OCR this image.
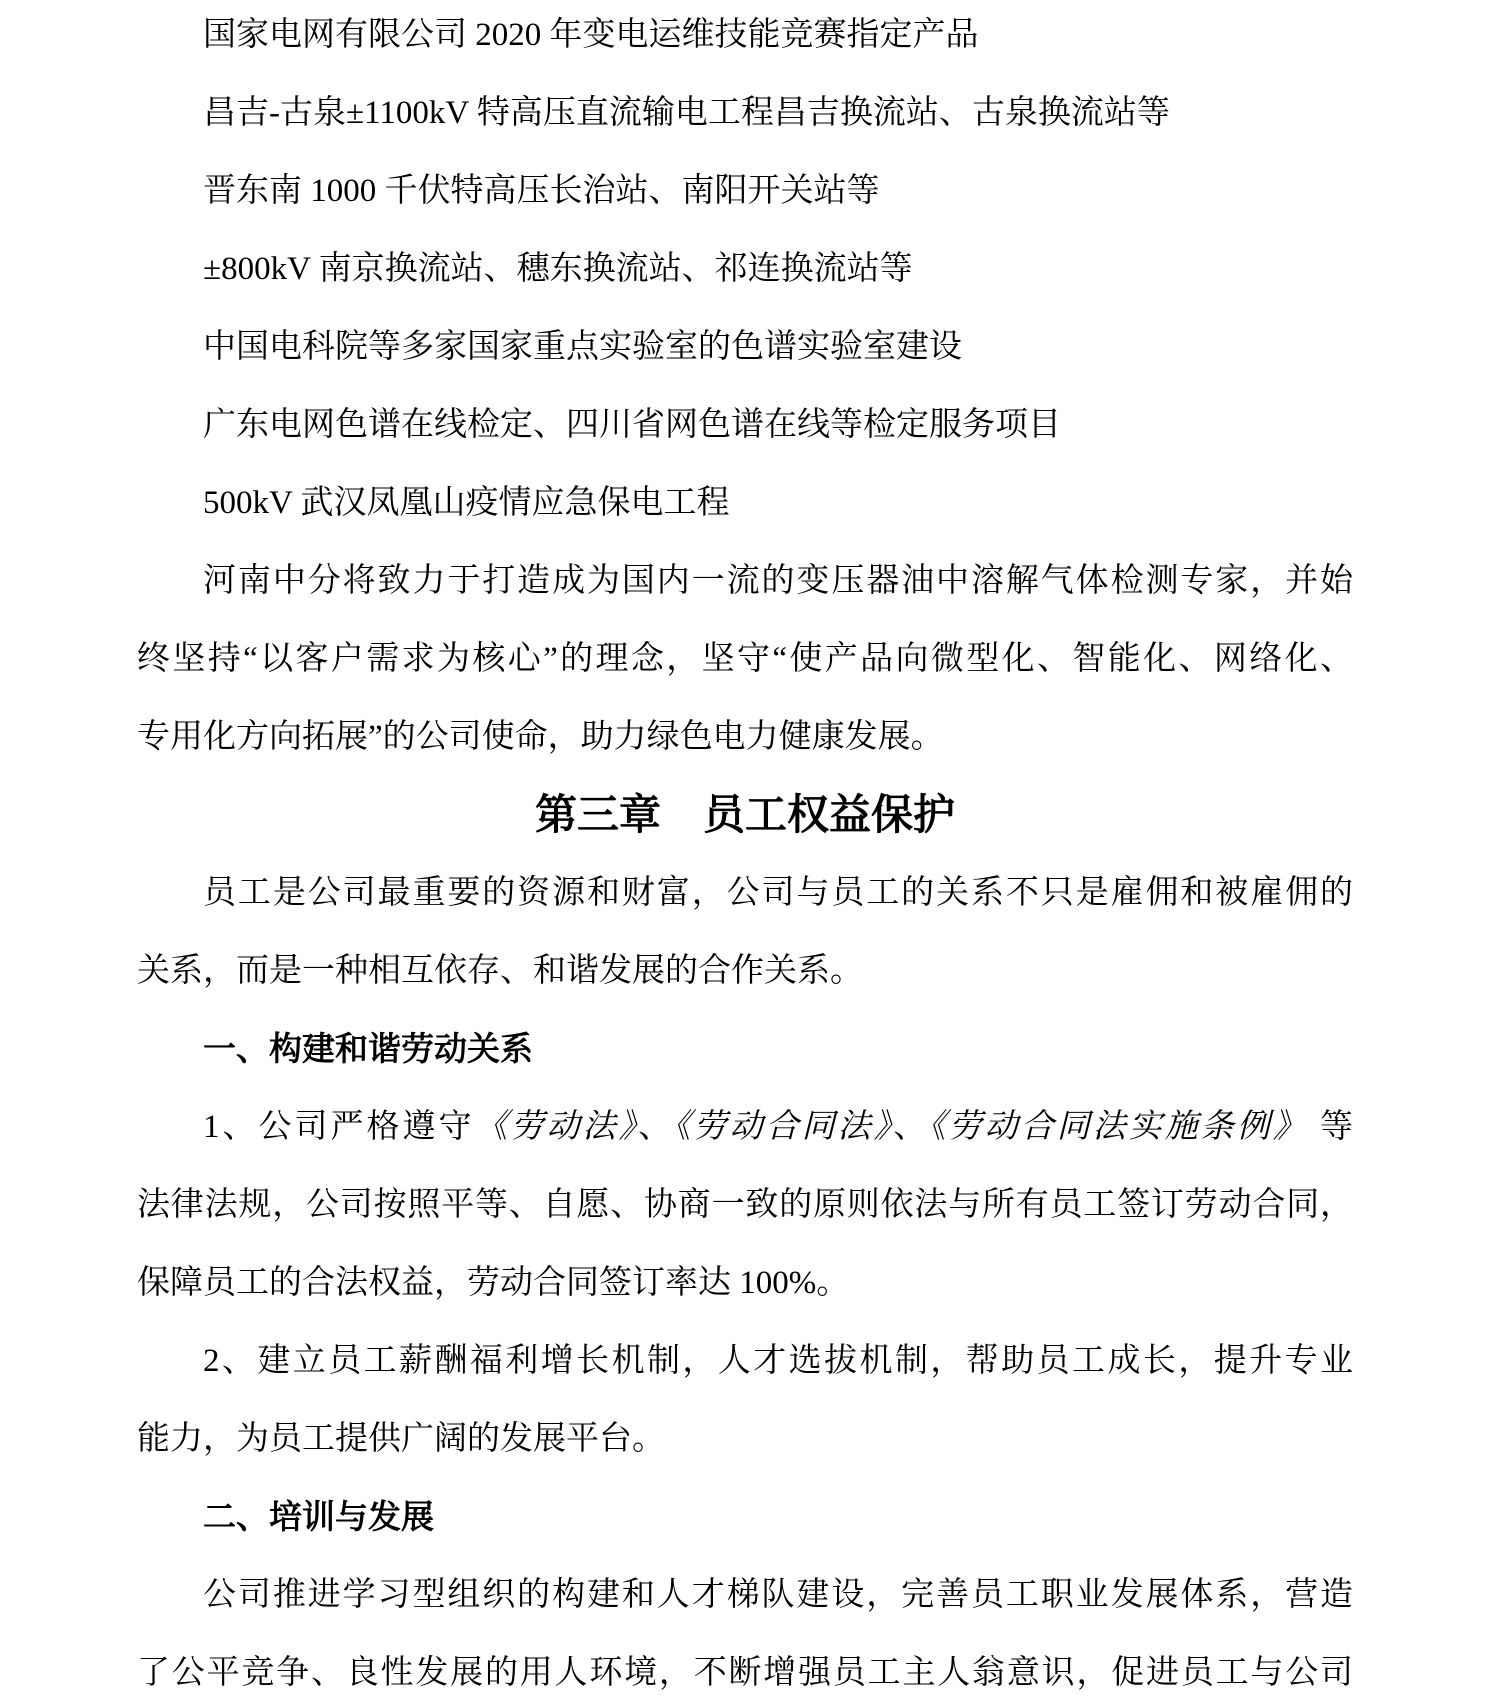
国家电网有限公司 2020 年变电运维技能竞赛指定产品
昌吉-古泉±1100kV 特高压直流输电工程昌吉换流站、古泉换流站等
晋东南 1000 千伏特高压长治站、南阳开关站等
±800kV 南京换流站、穗东换流站、祁连换流站等
中国电科院等多家国家重点实验室的色谱实验室建设
广东电网色谱在线检定、四川省网色谱在线等检定服务项目
500kV 武汉凤凰山疫情应急保电工程
河南中分将致力于打造成为国内一流的变压器油中溶解气体检测专家，并始
终坚持“以客户需求为核心”的理念，坚守“使产品向微型化、智能化、网络化、
专用化方向拓展”的公司使命，助力绿色电力健康发展。
第三章　员工权益保护
员工是公司最重要的资源和财富，公司与员工的关系不只是雇佣和被雇佣的
关系，而是一种相互依存、和谐发展的合作关系。
一、构建和谐劳动关系
1、公司严格遵守《劳动法》、《劳动合同法》、《劳动合同法实施条例》 等
法律法规，公司按照平等、自愿、协商一致的原则依法与所有员工签订劳动合同，
保障员工的合法权益，劳动合同签订率达 100%。
2、建立员工薪酬福利增长机制，人才选拔机制，帮助员工成长，提升专业
能力，为员工提供广阔的发展平台。
二、培训与发展
公司推进学习型组织的构建和人才梯队建设，完善员工职业发展体系，营造
了公平竞争、良性发展的用人环境，不断增强员工主人翁意识，促进员工与公司
